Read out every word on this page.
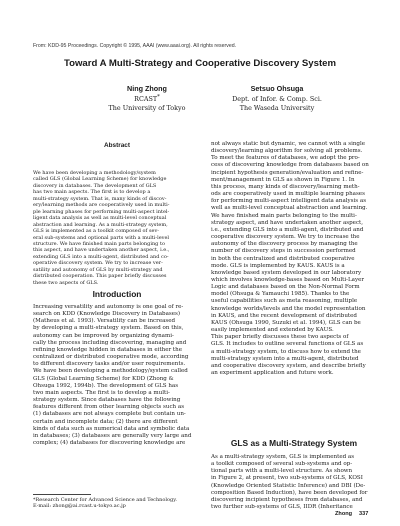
From: KDD-95 Proceedings. Copyright © 1995, AAAI (www.aaai.org). All rights reserved.
Toward A Multi-Strategy and Cooperative Discovery System
Ning Zhong
RCAST*
The University of Tokyo
Setsuo Ohsuga
Dept. of Infor. & Comp. Sci.
The Waseda University
Abstract

We have been developing a methodology/system

called GLS (Global Learning Scheme) for knowledge

discovery in databases. The development of GLS

has two main aspects. The first is to develop a

multi-strategy system. That is, many kinds of discov-

ery/learning methods are cooperatively used in multi-

ple learning phases for performing multi-aspect intel-

ligent data analysis as well as multi-level conceptual

abstraction and learning. As a multi-strategy system,

GLS is implemented as a toolkit composed of sev-

eral sub-systems and optional parts with a multi-level

structure. We have finished main parts belonging to

this aspect, and have undertaken another aspect, i.e.,

extending GLS into a multi-agent, distributed and co-

operative discovery system. We try to increase ver-

satility and autonomy of GLS by multi-strategy and

distributed cooperation. This paper briefly discusses

these two aspects of GLS.

Introduction

Increasing versatility and autonomy is one goal of re-

search on KDD (Knowledge Discovery in Databases)

(Matheus et al. 1993). Versatility can be increased

by developing a multi-strategy system. Based on this,

autonomy can be improved by organizing dynami-

cally the process including discovering, managing and

refining knowledge hidden in databases in either the

centralized or distributed cooperative mode, according

to different discovery tasks and/or user requirements.

We have been developing a methodology/system called

GLS (Global Learning Scheme) for KDD (Zhong &

Ohsuga 1992, 1994b). The development of GLS has

two main aspects. The first is to develop a multi-

strategy system. Since databases have the following

features different from other learning objects such as

(1) databases are not always complete but contain un-

certain and incomplete data; (2) there are different

kinds of data such as numerical data and symbolic data

in databases; (3) databases are generally very large and

complex; (4) databases for discovering knowledge are

not always static but dynamic, we cannot with a single

discovery/learning algorithm for solving all problems.

To meet the features of databases, we adopt the pro-

cess of discovering knowledge from databases based on

incipient hypothesis generation/evaluation and refine-

ment/management in GLS as shown in Figure 1. In

this process, many kinds of discovery/learning meth-

ods are cooperatively used in multiple learning phases

for performing multi-aspect intelligent data analysis as

well as multi-level conceptual abstraction and learning.

We have finished main parts belonging to the multi-

strategy aspect, and have undertaken another aspect,

i.e., extending GLS into a multi-agent, distributed and

cooperative discovery system. We try to increase the

autonomy of the discovery process by managing the

number of discovery steps in succession performed

in both the centralized and distributed cooperative

mode. GLS is implemented by KAUS. KAUS is a

knowledge based system developed in our laboratory

which involves knowledge-bases based on Multi-Layer

Logic and databases based on the Non-Normal Form

model (Ohsuga & Yamauchi 1985). Thanks to the

useful capabilities such as meta reasoning, multiple

knowledge worlds/levels and the model representation

in KAUS, and the recent development of distributed

KAUS (Ohsuga 1990, Suzuki et al. 1994), GLS can be

easily implemented and extended by KAUS.

This paper briefly discusses these two aspects of

GLS. It includes to outline several functions of GLS as

a multi-strategy system, to discuss how to extend the

multi-strategy system into a multi-agent, distributed

and cooperative discovery system, and describe briefly

an experiment application and future work.

GLS as a Multi-Strategy System

As a multi-strategy system, GLS is implemented as

a toolkit composed of several sub-systems and op-

tional parts with a multi-level structure. As shown

in Figure 2, at present, two sub-systems of GLS, KOSI

(Knowledge Oriented Statistic Inference) and DBI (De-

composition Based Induction), have been developed for

discovering incipient hypotheses from databases, and

two further sub-systems of GLS, IIDR (Inheritance

*Research Center for Advanced Science and Technology.

E-mail: zhong@ai.rcast.u-tokyo.ac.jp

Zhong 337
